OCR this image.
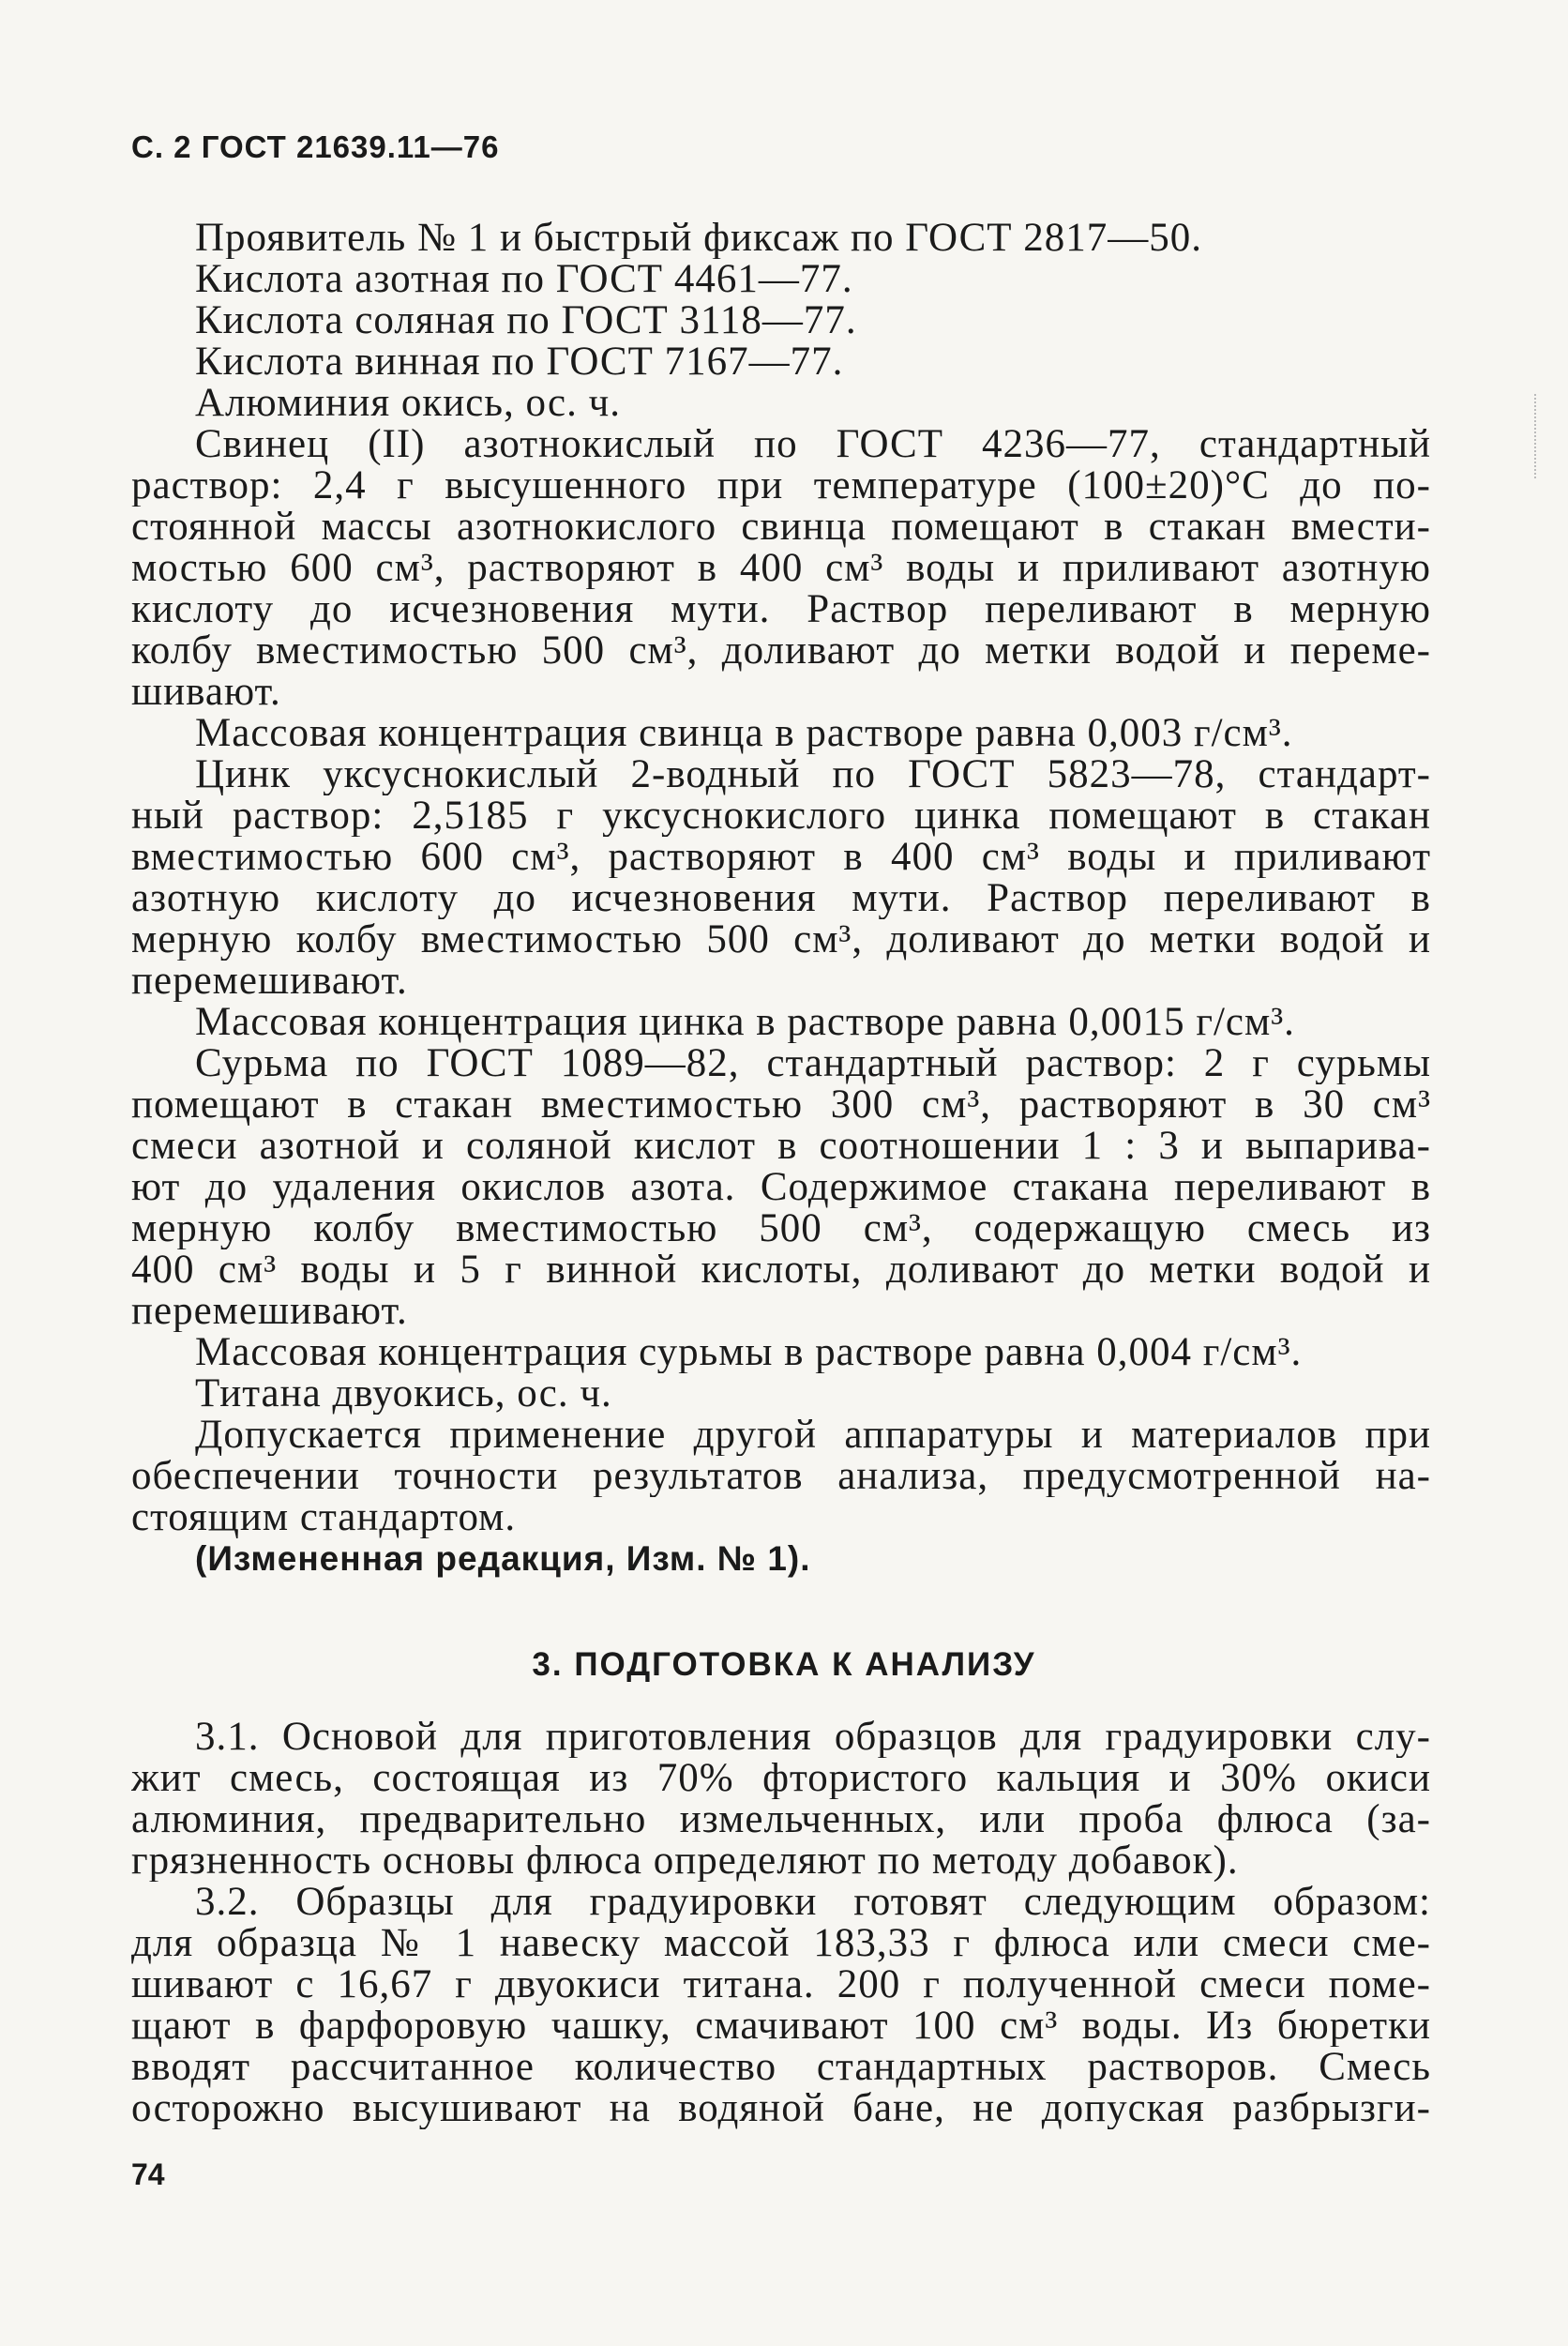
С. 2 ГОСТ 21639.11—76
Проявитель № 1 и быстрый фиксаж по ГОСТ 2817—50.
Кислота азотная по ГОСТ 4461—77.
Кислота соляная по ГОСТ 3118—77.
Кислота винная по ГОСТ 7167—77.
Алюминия окись, ос. ч.
Свинец (II) азотнокислый по ГОСТ 4236—77, стандартный
раствор: 2,4 г высушенного при температуре (100±20)°С до по-
стоянной массы азотнокислого свинца помещают в стакан вмести-
мостью 600 см³, растворяют в 400 см³ воды и приливают азотную
кислоту до исчезновения мути. Раствор переливают в мерную
колбу вместимостью 500 см³, доливают до метки водой и переме-
шивают.
Массовая концентрация свинца в растворе равна 0,003 г/см³.
Цинк уксуснокислый 2-водный по ГОСТ 5823—78, стандарт-
ный раствор: 2,5185 г уксуснокислого цинка помещают в стакан
вместимостью 600 см³, растворяют в 400 см³ воды и приливают
азотную кислоту до исчезновения мути. Раствор переливают в
мерную колбу вместимостью 500 см³, доливают до метки водой и
перемешивают.
Массовая концентрация цинка в растворе равна 0,0015 г/см³.
Сурьма по ГОСТ 1089—82, стандартный раствор: 2 г сурьмы
помещают в стакан вместимостью 300 см³, растворяют в 30 см³
смеси азотной и соляной кислот в соотношении 1 : 3 и выпарива-
ют до удаления окислов азота. Содержимое стакана переливают в
мерную колбу вместимостью 500 см³, содержащую смесь из
400 см³ воды и 5 г винной кислоты, доливают до метки водой и
перемешивают.
Массовая концентрация сурьмы в растворе равна 0,004 г/см³.
Титана двуокись, ос. ч.
Допускается применение другой аппаратуры и материалов при
обеспечении точности результатов анализа, предусмотренной на-
стоящим стандартом.
(Измененная редакция, Изм. № 1).
3. ПОДГОТОВКА К АНАЛИЗУ
3.1. Основой для приготовления образцов для градуировки слу-
жит смесь, состоящая из 70% фтористого кальция и 30% окиси
алюминия, предварительно измельченных, или проба флюса (за-
грязненность основы флюса определяют по методу добавок).
3.2. Образцы для градуировки готовят следующим образом:
для образца № 1 навеску массой 183,33 г флюса или смеси сме-
шивают с 16,67 г двуокиси титана. 200 г полученной смеси поме-
щают в фарфоровую чашку, смачивают 100 см³ воды. Из бюретки
вводят рассчитанное количество стандартных растворов. Смесь
осторожно высушивают на водяной бане, не допуская разбрызги-
74
